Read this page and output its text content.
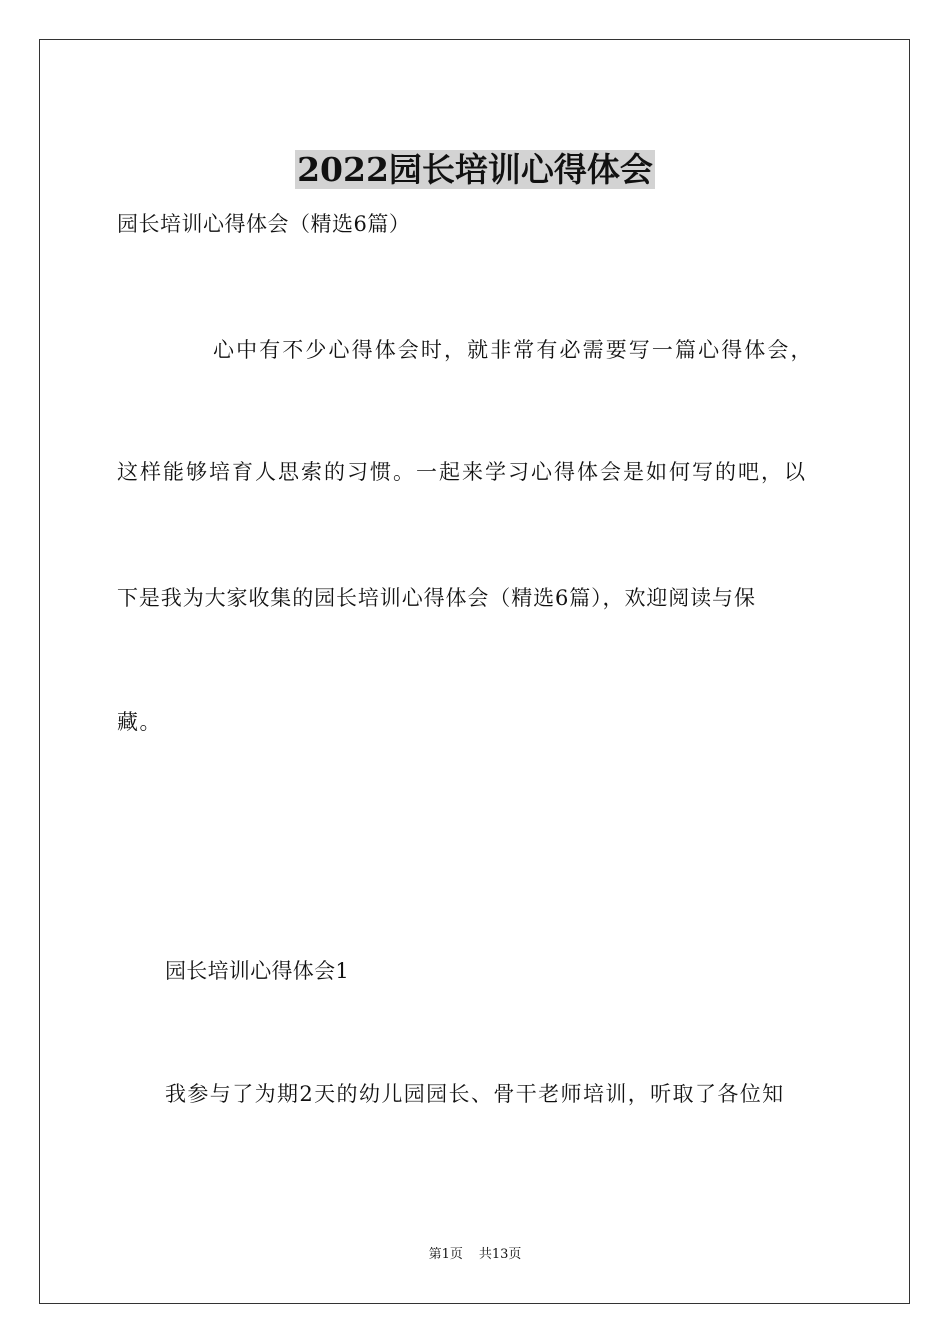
2022园长培训心得体会
园长培训心得体会（精选6篇）
心中有不少心得体会时，就非常有必需要写一篇心得体会，
这样能够培育人思索的习惯。一起来学习心得体会是如何写的吧，以
下是我为大家收集的园长培训心得体会（精选6篇），欢迎阅读与保
藏。
园长培训心得体会1
我参与了为期2天的幼儿园园长、骨干老师培训，听取了各位知
第1页 共13页
